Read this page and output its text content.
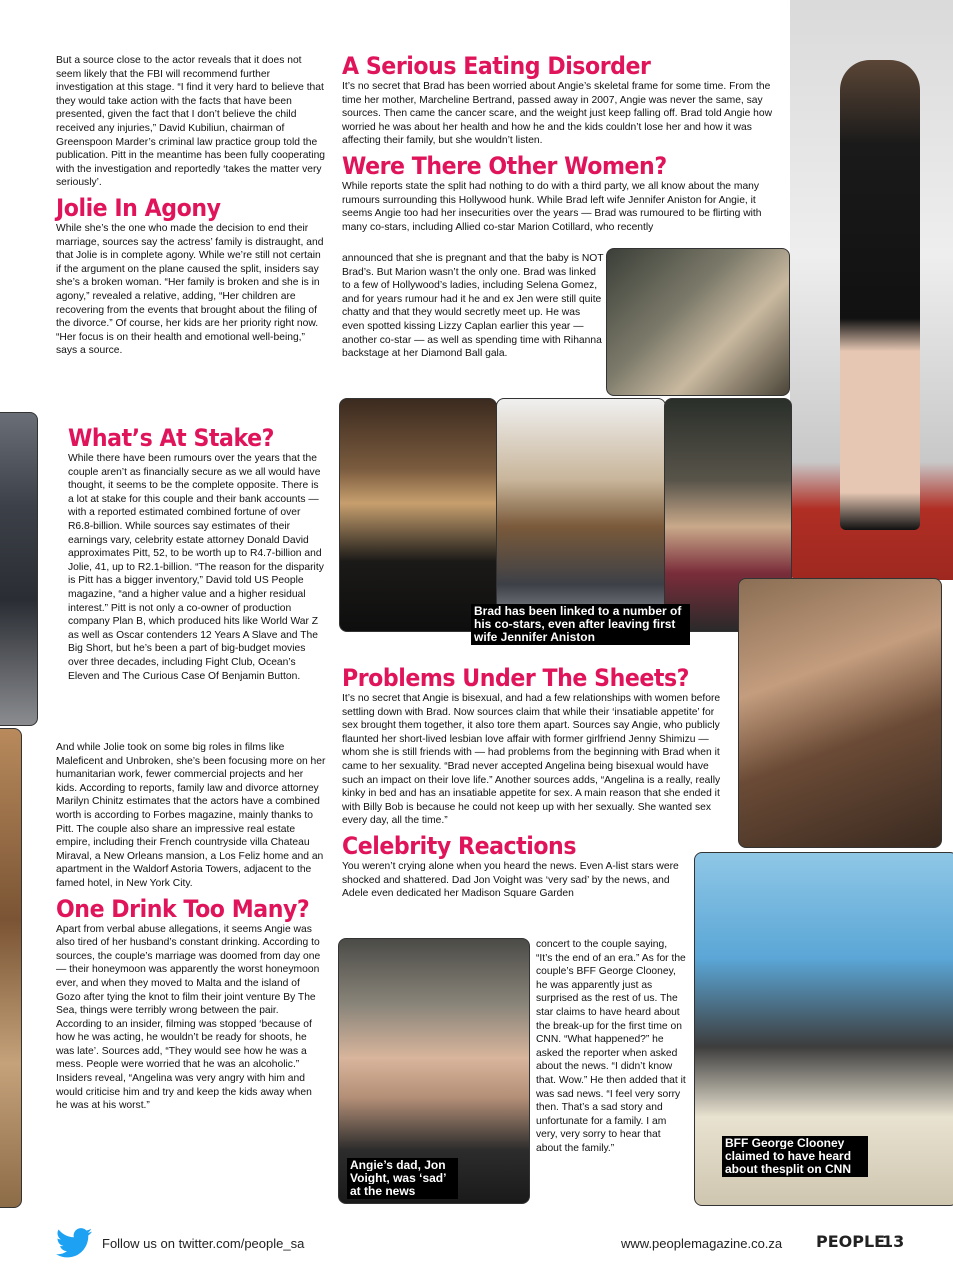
But a source close to the actor reveals that it does not seem likely that the FBI will recommend further investigation at this stage. “I find it very hard to believe that they would take action with the facts that have been presented, given the fact that I don’t believe the child received any injuries,” David Kubiliun, chairman of Greenspoon Marder’s criminal law practice group told the publication. Pitt in the meantime has been fully cooperating with the investigation and reportedly ‘takes the matter very seriously’.

Jolie In Agony

While she’s the one who made the decision to end their marriage, sources say the actress’ family is distraught, and that Jolie is in complete agony. While we’re still not certain if the argument on the plane caused the split, insiders say she’s a broken woman. “Her family is broken and she is in agony,” revealed a relative, adding, “Her children are recovering from the events that brought about the filing of the divorce.” Of course, her kids are her priority right now. “Her focus is on their health and emotional well-being,” says a source.

What’s At Stake?

While there have been rumours over the years that the couple aren’t as financially secure as we all would have thought, it seems to be the complete opposite. There is a lot at stake for this couple and their bank accounts — with a reported estimated combined fortune of over R6.8-billion. While sources say estimates of their earnings vary, celebrity estate attorney Donald David approximates Pitt, 52, to be worth up to R4.7-billion and Jolie, 41, up to R2.1-billion. “The reason for the disparity is Pitt has a bigger inventory,” David told US People magazine, “and a higher value and a higher residual interest.” Pitt is not only a co-owner of production company Plan B, which produced hits like World War Z as well as Oscar contenders 12 Years A Slave and The Big Short, but he’s been a part of big-budget movies over three decades, including Fight Club, Ocean’s Eleven and The Curious Case Of Benjamin Button.

And while Jolie took on some big roles in films like Maleficent and Unbroken, she’s been focusing more on her humanitarian work, fewer commercial projects and her kids. According to reports, family law and divorce attorney Marilyn Chinitz estimates that the actors have a combined worth is according to Forbes magazine, mainly thanks to Pitt. The couple also share an impressive real estate empire, including their French countryside villa Chateau Miraval, a New Orleans mansion, a Los Feliz home and an apartment in the Waldorf Astoria Towers, adjacent to the famed hotel, in New York City.

One Drink Too Many?

Apart from verbal abuse allegations, it seems Angie was also tired of her husband’s constant drinking. According to sources, the couple’s marriage was doomed from day one — their honeymoon was apparently the worst honeymoon ever, and when they moved to Malta and the island of Gozo after tying the knot to film their joint venture By The Sea, things were terribly wrong between the pair. According to an insider, filming was stopped ‘because of how he was acting, he wouldn’t be ready for shoots, he was late’. Sources add, “They would see how he was a mess. People were worried that he was an alcoholic.” Insiders reveal, “Angelina was very angry with him and would criticise him and try and keep the kids away when he was at his worst.”

A Serious Eating Disorder

It’s no secret that Brad has been worried about Angie’s skeletal frame for some time. From the time her mother, Marcheline Bertrand, passed away in 2007, Angie was never the same, say sources. Then came the cancer scare, and the weight just keep falling off. Brad told Angie how worried he was about her health and how he and the kids couldn’t lose her and how it was affecting their family, but she wouldn’t listen.

Were There Other Women?

While reports state the split had nothing to do with a third party, we all know about the many rumours surrounding this Hollywood hunk. While Brad left wife Jennifer Aniston for Angie, it seems Angie too had her insecurities over the years — Brad was rumoured to be flirting with many co-stars, including Allied co-star Marion Cotillard, who recently

announced that she is pregnant and that the baby is NOT Brad’s. But Marion wasn’t the only one. Brad was linked to a few of Hollywood’s ladies, including Selena Gomez, and for years rumour had it he and ex Jen were still quite chatty and that they would secretly meet up. He was even spotted kissing Lizzy Caplan earlier this year — another co-star — as well as spending time with Rihanna backstage at her Diamond Ball gala.

Brad has been linked to a number of his co-stars, even after leaving first wife Jennifer Aniston
Problems Under The Sheets?

It’s no secret that Angie is bisexual, and had a few relationships with women before settling down with Brad. Now sources claim that while their ‘insatiable appetite’ for sex brought them together, it also tore them apart. Sources say Angie, who publicly flaunted her short-lived lesbian love affair with former girlfriend Jenny Shimizu — whom she is still friends with — had problems from the beginning with Brad when it came to her sexuality. “Brad never accepted Angelina being bisexual would have such an impact on their love life.” Another sources adds, “Angelina is a really, really kinky in bed and has an insatiable appetite for sex. A main reason that she ended it with Billy Bob is because he could not keep up with her sexually. She wanted sex every day, all the time.”

Celebrity Reactions

You weren’t crying alone when you heard the news. Even A-list stars were shocked and shattered. Dad Jon Voight was ‘very sad’ by the news, and Adele even dedicated her Madison Square Garden

concert to the couple saying, “It’s the end of an era.” As for the couple’s BFF George Clooney, he was apparently just as surprised as the rest of us. The star claims to have heard about the break-up for the first time on CNN. “What happened?” he asked the reporter when asked about the news. “I didn’t know that. Wow.” He then added that it was sad news. “I feel very sorry then. That’s a sad story and unfortunate for a family. I am very, very sorry to hear that about the family.”

Angie’s dad, Jon Voight, was ‘sad’ at the news
BFF George Clooney claimed to have heard about thesplit on CNN
Follow us on twitter.com/people_sa	www.peoplemagazine.co.za PEOPLE
13
